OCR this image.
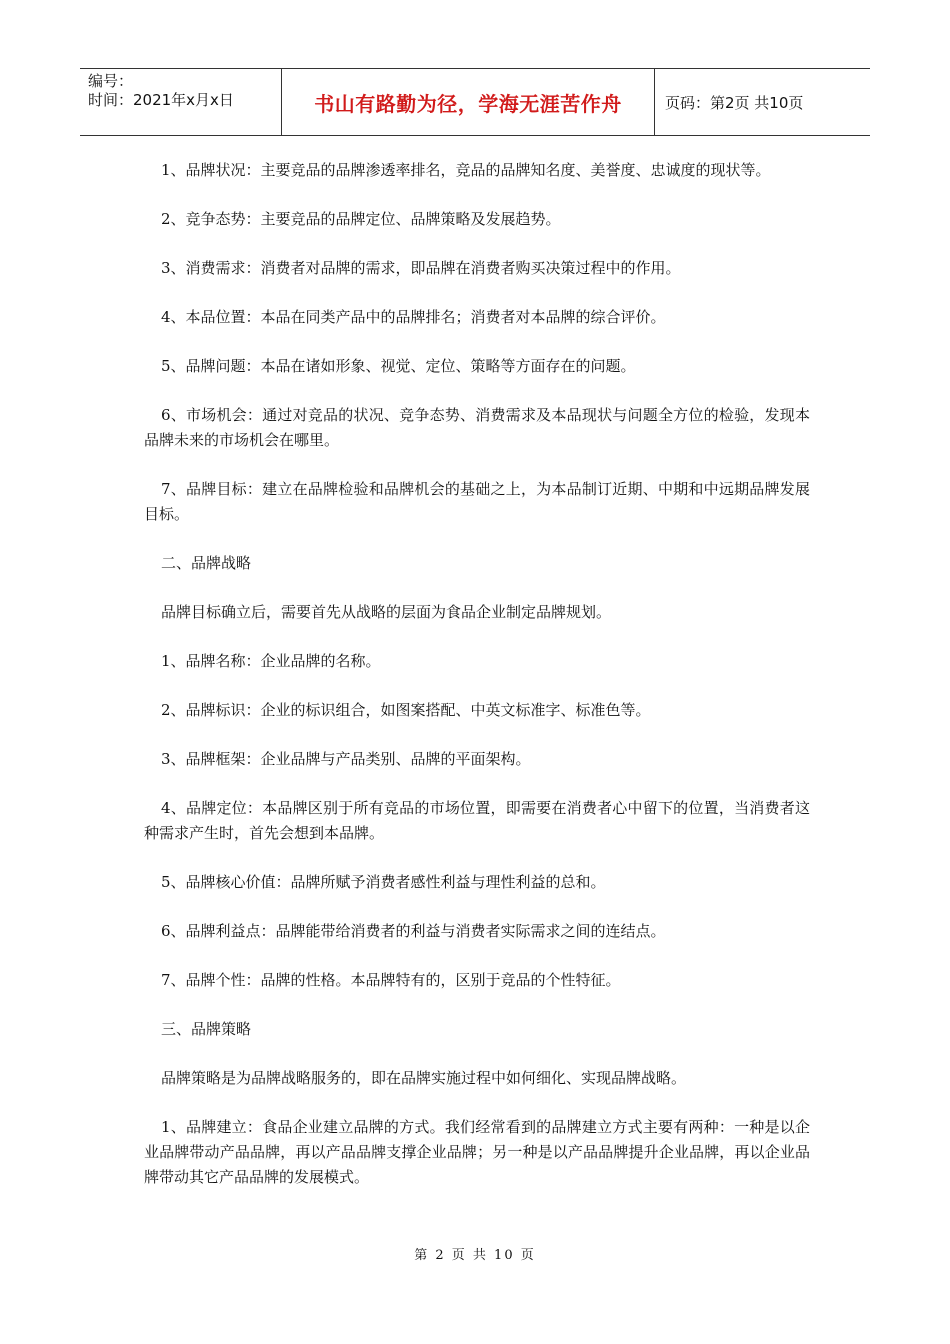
编号：
时间：2021年x月x日	书山有路勤为径，学海无涯苦作舟	页码：第2页 共10页

1、品牌状况：主要竞品的品牌渗透率排名，竞品的品牌知名度、美誉度、忠诚度的现状等。

2、竞争态势：主要竞品的品牌定位、品牌策略及发展趋势。

3、消费需求：消费者对品牌的需求，即品牌在消费者购买决策过程中的作用。

4、本品位置：本品在同类产品中的品牌排名；消费者对本品牌的综合评价。

5、品牌问题：本品在诸如形象、视觉、定位、策略等方面存在的问题。

6、市场机会：通过对竞品的状况、竞争态势、消费需求及本品现状与问题全方位的检验，发现本品牌未来的市场机会在哪里。

7、品牌目标：建立在品牌检验和品牌机会的基础之上，为本品制订近期、中期和中远期品牌发展目标。

二、品牌战略

品牌目标确立后，需要首先从战略的层面为食品企业制定品牌规划。

1、品牌名称：企业品牌的名称。

2、品牌标识：企业的标识组合，如图案搭配、中英文标准字、标准色等。

3、品牌框架：企业品牌与产品类别、品牌的平面架构。

4、品牌定位：本品牌区别于所有竞品的市场位置，即需要在消费者心中留下的位置，当消费者这种需求产生时，首先会想到本品牌。

5、品牌核心价值：品牌所赋予消费者感性利益与理性利益的总和。

6、品牌利益点：品牌能带给消费者的利益与消费者实际需求之间的连结点。

7、品牌个性：品牌的性格。本品牌特有的，区别于竞品的个性特征。

三、品牌策略

品牌策略是为品牌战略服务的，即在品牌实施过程中如何细化、实现品牌战略。

1、品牌建立：食品企业建立品牌的方式。我们经常看到的品牌建立方式主要有两种：一种是以企业品牌带动产品品牌，再以产品品牌支撑企业品牌；另一种是以产品品牌提升企业品牌，再以企业品牌带动其它产品品牌的发展模式。

第 2 页 共 10 页
